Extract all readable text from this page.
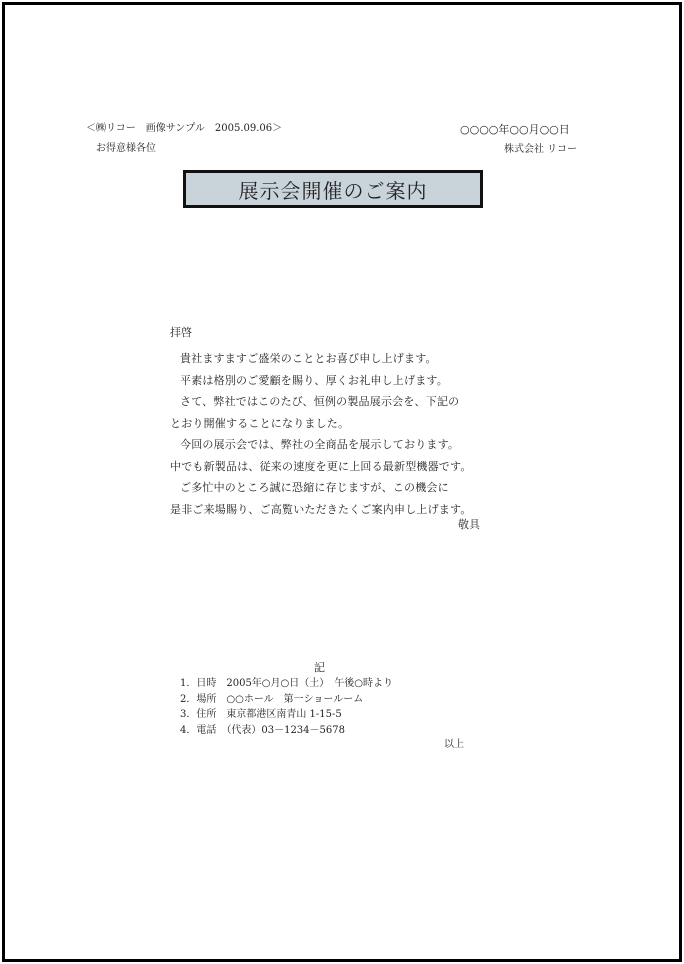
＜㈱リコー　画像サンプル　2005.09.06＞
お得意様各位
○○○○年○○月○○日
株式会社 リコー
展示会開催のご案内
拝啓
貴社ますますご盛栄のこととお喜び申し上げます。
平素は格別のご愛顧を賜り、厚くお礼申し上げます。
さて、弊社ではこのたび、恒例の製品展示会を、下記の
とおり開催することになりました。
今回の展示会では、弊社の全商品を展示しております。
中でも新製品は、従来の速度を更に上回る最新型機器です。
ご多忙中のところ誠に恐縮に存じますが、この機会に
是非ご来場賜り、ご高覧いただきたくご案内申し上げます。
敬具
記
1．日時　2005年○月○日（土）　午後○時より
2．場所　○○ホール　第一ショールーム
3．住所　東京都港区南青山 1-15-5
4．電話　（代表）03－1234－5678
以上
